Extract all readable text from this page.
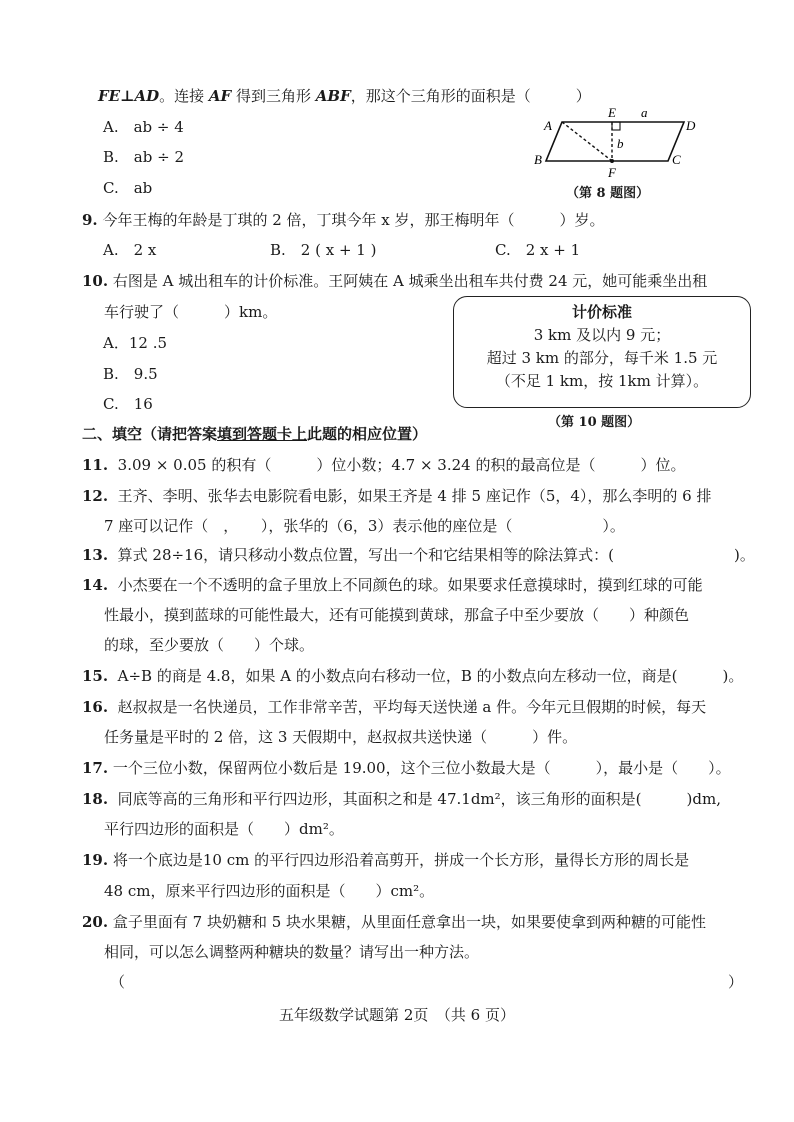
FE⊥AD。连接 AF 得到三角形 ABF，那这个三角形的面积是（　　　）
A.　ab ÷ 4
B.　ab ÷ 2
C.　ab
A
E a
D
b
B	C
F
（第 8 题图）
9. 今年王梅的年龄是丁琪的 2 倍，丁琪今年 x 岁，那王梅明年（　　　）岁。
A.　2 x	B.　2 ( x + 1 )	C.　2 x + 1
10. 右图是 A 城出租车的计价标准。王阿姨在 A 城乘坐出租车共付费 24 元，她可能乘坐出租
车行驶了（　　　）km。
A．12 .5
B.　9.5
C.　16
计价标准
3 km 及以内 9 元；
超过 3 km 的部分，每千米 1.5 元
（不足 1 km，按 1km 计算）。
（第 10 题图）
二、填空（请把答案填到答题卡上此题的相应位置）
11. 3.09 × 0.05 的积有（　　　）位小数；4.7 × 3.24 的积的最高位是（　　　）位。
12. 王齐、李明、张华去电影院看电影，如果王齐是 4 排 5 座记作（5，4），那么李明的 6 排
7 座可以记作（　，　　），张华的（6，3）表示他的座位是（　　　　　　）。
13. 算式 28÷16，请只移动小数点位置，写出一个和它结果相等的除法算式：(　　　　　　　　)。
14. 小杰要在一个不透明的盒子里放上不同颜色的球。如果要求任意摸球时，摸到红球的可能
性最小，摸到蓝球的可能性最大，还有可能摸到黄球，那盒子中至少要放（　　）种颜色
的球，至少要放（　　）个球。
15. A÷B 的商是 4.8，如果 A 的小数点向右移动一位，B 的小数点向左移动一位，商是(　　　)。
16. 赵叔叔是一名快递员，工作非常辛苦，平均每天送快递 a 件。今年元旦假期的时候，每天
任务量是平时的 2 倍，这 3 天假期中，赵叔叔共送快递（　　　）件。
17. 一个三位小数，保留两位小数后是 19.00，这个三位小数最大是（　　　），最小是（　　）。
18. 同底等高的三角形和平行四边形，其面积之和是 47.1dm²，该三角形的面积是(　　　)dm,
平行四边形的面积是（　　）dm²。
19. 将一个底边是10 cm 的平行四边形沿着高剪开，拼成一个长方形，量得长方形的周长是
48 cm，原来平行四边形的面积是（　　）cm²。
20. 盒子里面有 7 块奶糖和 5 块水果糖，从里面任意拿出一块，如果要使拿到两种糖的可能性
相同，可以怎么调整两种糖块的数量？请写出一种方法。
（	）
五年级数学试题第 2页　（共 6 页）
